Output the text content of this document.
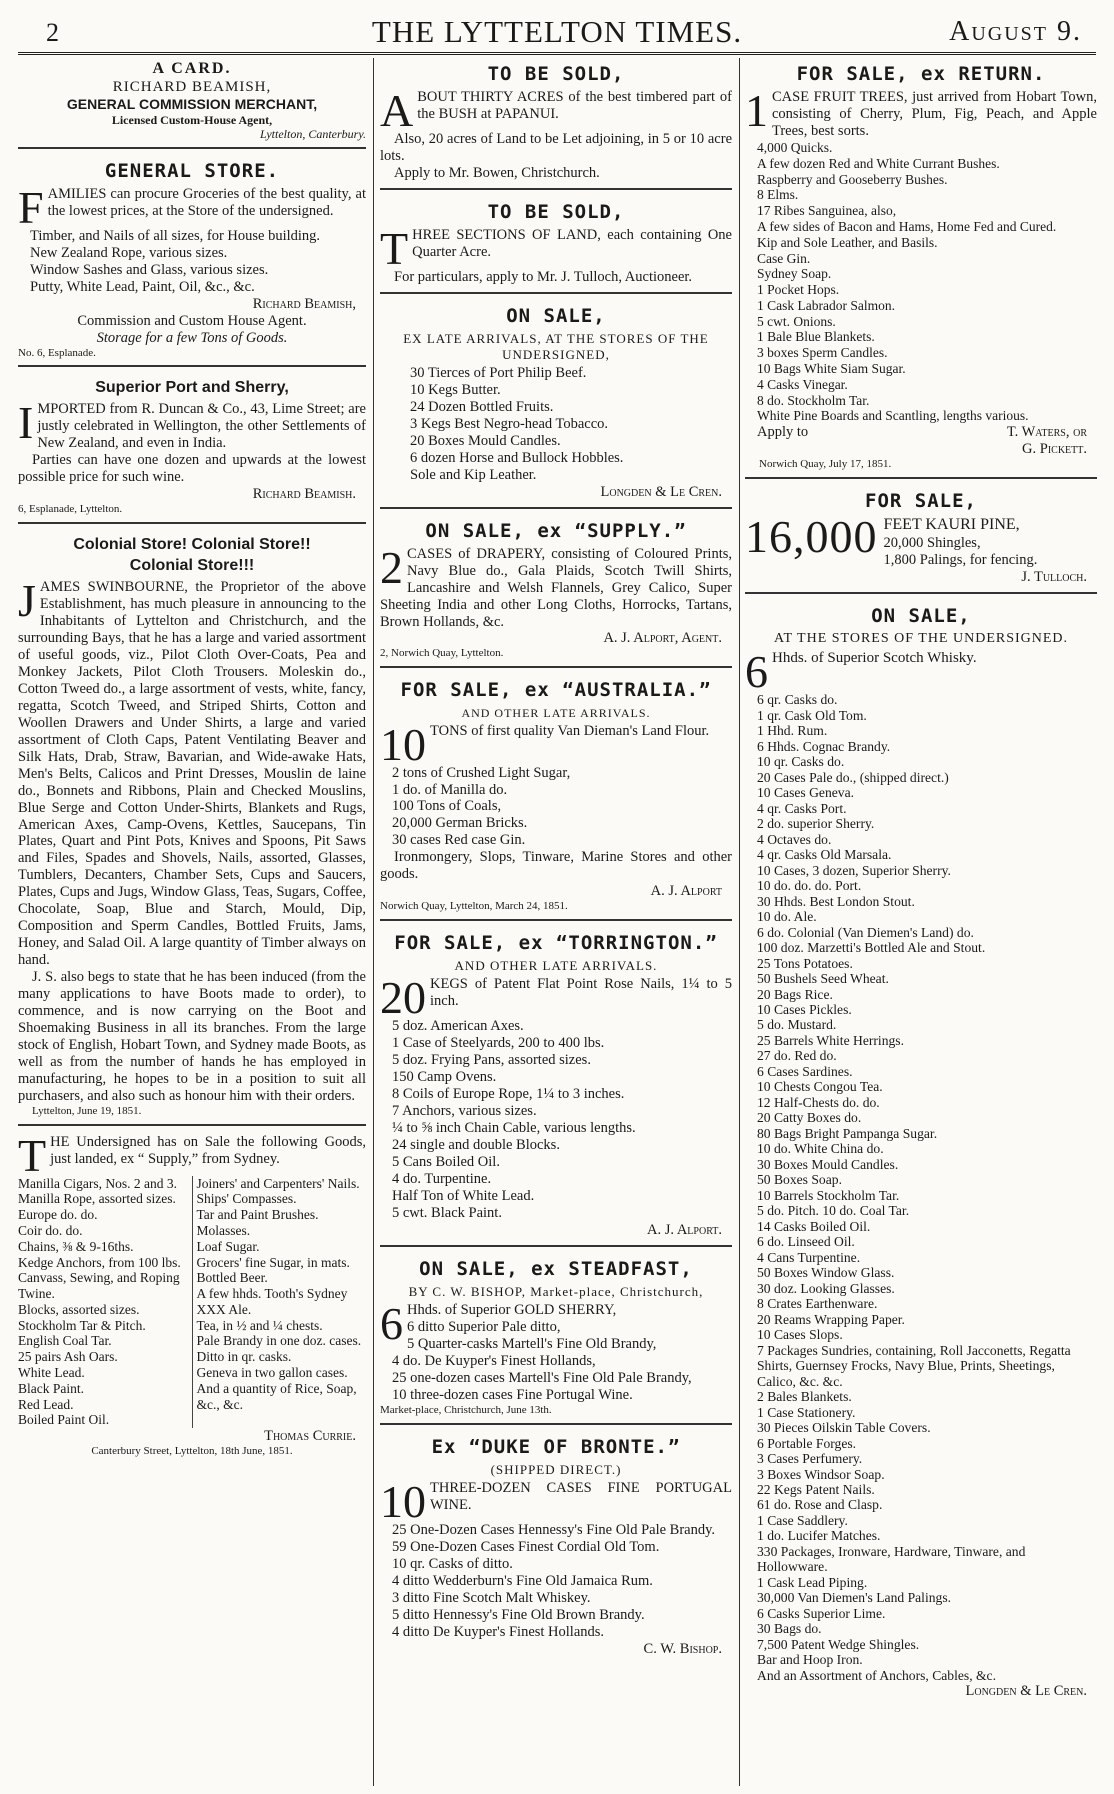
2	THE LYTTELTON TIMES.	August 9.
A CARD.
RICHARD BEAMISH,
GENERAL COMMISSION MERCHANT,
Licensed Custom-House Agent,
Lyttelton, Canterbury.
GENERAL STORE.
F AMILIES can procure Groceries of the best quality, at the lowest prices, at the Store of the undersigned.

Timber, and Nails of all sizes, for House building.
New Zealand Rope, various sizes.
Window Sashes and Glass, various sizes.
Putty, White Lead, Paint, Oil, &c., &c.
Richard Beamish,
Commission and Custom House Agent.
Storage for a few Tons of Goods.
No. 6, Esplanade.
Superior Port and Sherry,
I MPORTED from R. Duncan & Co., 43, Lime Street; are justly celebrated in Wellington, the other Settlements of New Zealand, and even in India.

Parties can have one dozen and upwards at the lowest possible price for such wine.

Richard Beamish.
6, Esplanade, Lyttelton.
Colonial Store! Colonial Store!!
Colonial Store!!!
J AMES SWINBOURNE, the Proprietor of the above Establishment, has much pleasure in announcing to the Inhabitants of Lyttelton and Christchurch, and the surrounding Bays, that he has a large and varied assortment of useful goods, viz., Pilot Cloth Over-Coats, Pea and Monkey Jackets, Pilot Cloth Trousers. Moleskin do., Cotton Tweed do., a large assortment of vests, white, fancy, regatta, Scotch Tweed, and Striped Shirts, Cotton and Woollen Drawers and Under Shirts, a large and varied assortment of Cloth Caps, Patent Ventilating Beaver and Silk Hats, Drab, Straw, Bavarian, and Wide-awake Hats, Men's Belts, Calicos and Print Dresses, Mouslin de laine do., Bonnets and Ribbons, Plain and Checked Mouslins, Blue Serge and Cotton Under-Shirts, Blankets and Rugs, American Axes, Camp-Ovens, Kettles, Saucepans, Tin Plates, Quart and Pint Pots, Knives and Spoons, Pit Saws and Files, Spades and Shovels, Nails, assorted, Glasses, Tumblers, Decanters, Chamber Sets, Cups and Saucers, Plates, Cups and Jugs, Window Glass, Teas, Sugars, Coffee, Chocolate, Soap, Blue and Starch, Mould, Dip, Composition and Sperm Candles, Bottled Fruits, Jams, Honey, and Salad Oil. A large quantity of Timber always on hand.

J. S. also begs to state that he has been induced (from the many applications to have Boots made to order), to commence, and is now carrying on the Boot and Shoemaking Business in all its branches. From the large stock of English, Hobart Town, and Sydney made Boots, as well as from the number of hands he has employed in manufacturing, he hopes to be in a position to suit all purchasers, and also such as honour him with their orders.

Lyttelton, June 19, 1851.
T HE Undersigned has on Sale the following Goods, just landed, ex “ Supply,” from Sydney.

Manilla Cigars, Nos. 2 and 3.
Manilla Rope, assorted sizes.
Europe do. do.
Coir do. do.
Chains, ⅜ & 9-16ths.
Kedge Anchors, from 100 lbs.
Canvass, Sewing, and Roping Twine.
Blocks, assorted sizes.
Stockholm Tar & Pitch.
English Coal Tar.
25 pairs Ash Oars.
White Lead.
Black Paint.
Red Lead.
Boiled Paint Oil.
Joiners' and Carpenters' Nails.
Ships' Compasses.
Tar and Paint Brushes.
Molasses.
Loaf Sugar.
Grocers' fine Sugar, in mats.
Bottled Beer.
A few hhds. Tooth's Sydney XXX Ale.
Tea, in ½ and ¼ chests.
Pale Brandy in one doz. cases.
Ditto in qr. casks.
Geneva in two gallon cases.
And a quantity of Rice, Soap, &c., &c.
Thomas Currie.
Canterbury Street, Lyttelton, 18th June, 1851.
TO BE SOLD,
A BOUT THIRTY ACRES of the best timbered part of the BUSH at PAPANUI.

Also, 20 acres of Land to be Let adjoining, in 5 or 10 acre lots.

Apply to Mr. Bowen, Christchurch.

TO BE SOLD,
T HREE SECTIONS OF LAND, each containing One Quarter Acre.

For particulars, apply to Mr. J. Tulloch, Auctioneer.

ON SALE,
EX LATE ARRIVALS, AT THE STORES OF THE UNDERSIGNED,
30 Tierces of Port Philip Beef.
10 Kegs Butter.
24 Dozen Bottled Fruits.
3 Kegs Best Negro-head Tobacco.
20 Boxes Mould Candles.
6 dozen Horse and Bullock Hobbles.
Sole and Kip Leather.
Longden & Le Cren.
ON SALE, ex “SUPPLY.”
2 CASES of DRAPERY, consisting of Coloured Prints, Navy Blue do., Gala Plaids, Scotch Twill Shirts, Lancashire and Welsh Flannels, Grey Calico, Super Sheeting India and other Long Cloths, Horrocks, Tartans, Brown Hollands, &c.

A. J. Alport, Agent.
2, Norwich Quay, Lyttelton.
FOR SALE, ex “AUSTRALIA.”
AND OTHER LATE ARRIVALS.
10 TONS of first quality Van Dieman's Land Flour.

2 tons of Crushed Light Sugar,
1 do. of Manilla do.
100 Tons of Coals,
20,000 German Bricks.
30 cases Red case Gin.

Ironmongery, Slops, Tinware, Marine Stores and other goods.

A. J. Alport
Norwich Quay, Lyttelton, March 24, 1851.
FOR SALE, ex “TORRINGTON.”
AND OTHER LATE ARRIVALS.
20 KEGS of Patent Flat Point Rose Nails, 1¼ to 5 inch.

5 doz. American Axes.
1 Case of Steelyards, 200 to 400 lbs.
5 doz. Frying Pans, assorted sizes.
150 Camp Ovens.
8 Coils of Europe Rope, 1¼ to 3 inches.
7 Anchors, various sizes.
¼ to ⅝ inch Chain Cable, various lengths.
24 single and double Blocks.
5 Cans Boiled Oil.
4 do. Turpentine.
Half Ton of White Lead.
5 cwt. Black Paint.
A. J. Alport.
ON SALE, ex STEADFAST,
BY C. W. BISHOP, Market-place, Christchurch,
6 Hhds. of Superior GOLD SHERRY,

6 ditto Superior Pale ditto,
5 Quarter-casks Martell's Fine Old Brandy,
4 do. De Kuyper's Finest Hollands,
25 one-dozen cases Martell's Fine Old Pale Brandy,
10 three-dozen cases Fine Portugal Wine.
Market-place, Christchurch, June 13th.
Ex “DUKE OF BRONTE.”
(SHIPPED DIRECT.)
10 THREE-DOZEN CASES FINE PORTUGAL WINE.

25 One-Dozen Cases Hennessy's Fine Old Pale Brandy.
59 One-Dozen Cases Finest Cordial Old Tom.
10 qr. Casks of ditto.
4 ditto Wedderburn's Fine Old Jamaica Rum.
3 ditto Fine Scotch Malt Whiskey.
5 ditto Hennessy's Fine Old Brown Brandy.
4 ditto De Kuyper's Finest Hollands.
C. W. Bishop.
FOR SALE, ex RETURN.
1 CASE FRUIT TREES, just arrived from Hobart Town, consisting of Cherry, Plum, Fig, Peach, and Apple Trees, best sorts.

4,000 Quicks.
A few dozen Red and White Currant Bushes.
Raspberry and Gooseberry Bushes.
8 Elms.
17 Ribes Sanguinea, also,
A few sides of Bacon and Hams, Home Fed and Cured.
Kip and Sole Leather, and Basils.
Case Gin.
Sydney Soap.
1 Pocket Hops.
1 Cask Labrador Salmon.
5 cwt. Onions.
1 Bale Blue Blankets.
3 boxes Sperm Candles.
10 Bags White Siam Sugar.
4 Casks Vinegar.
8 do. Stockholm Tar.
White Pine Boards and Scantling, lengths various.
Apply to	T. Waters, or
G. Pickett.
Norwich Quay, July 17, 1851.
FOR SALE,
16,000 FEET KAURI PINE,
20,000 Shingles,
1,800 Palings, for fencing.
J. Tulloch.
ON SALE,
AT THE STORES OF THE UNDERSIGNED.
6 Hhds. of Superior Scotch Whisky.

6 qr. Casks do.
1 qr. Cask Old Tom.
1 Hhd. Rum.
6 Hhds. Cognac Brandy.
10 qr. Casks do.
20 Cases Pale do., (shipped direct.)
10 Cases Geneva.
4 qr. Casks Port.
2 do. superior Sherry.
4 Octaves do.
4 qr. Casks Old Marsala.
10 Cases, 3 dozen, Superior Sherry.
10 do. do. do. Port.
30 Hhds. Best London Stout.
10 do. Ale.
6 do. Colonial (Van Diemen's Land) do.
100 doz. Marzetti's Bottled Ale and Stout.
25 Tons Potatoes.
50 Bushels Seed Wheat.
20 Bags Rice.
10 Cases Pickles.
5 do. Mustard.
25 Barrels White Herrings.
27 do. Red do.
6 Cases Sardines.
10 Chests Congou Tea.
12 Half-Chests do. do.
20 Catty Boxes do.
80 Bags Bright Pampanga Sugar.
10 do. White China do.
30 Boxes Mould Candles.
50 Boxes Soap.
10 Barrels Stockholm Tar.
5 do. Pitch. 10 do. Coal Tar.
14 Casks Boiled Oil.
6 do. Linseed Oil.
4 Cans Turpentine.
50 Boxes Window Glass.
30 doz. Looking Glasses.
8 Crates Earthenware.
20 Reams Wrapping Paper.
10 Cases Slops.
7 Packages Sundries, containing, Roll Jacconetts, Regatta Shirts, Guernsey Frocks, Navy Blue, Prints, Sheetings, Calico, &c. &c.
2 Bales Blankets.
1 Case Stationery.
30 Pieces Oilskin Table Covers.
6 Portable Forges.
3 Cases Perfumery.
3 Boxes Windsor Soap.
22 Kegs Patent Nails.
61 do. Rose and Clasp.
1 Case Saddlery.
1 do. Lucifer Matches.
330 Packages, Ironware, Hardware, Tinware, and Hollowware.
1 Cask Lead Piping.
30,000 Van Diemen's Land Palings.
6 Casks Superior Lime.
30 Bags do.
7,500 Patent Wedge Shingles.
Bar and Hoop Iron.
And an Assortment of Anchors, Cables, &c.
Longden & Le Cren.
